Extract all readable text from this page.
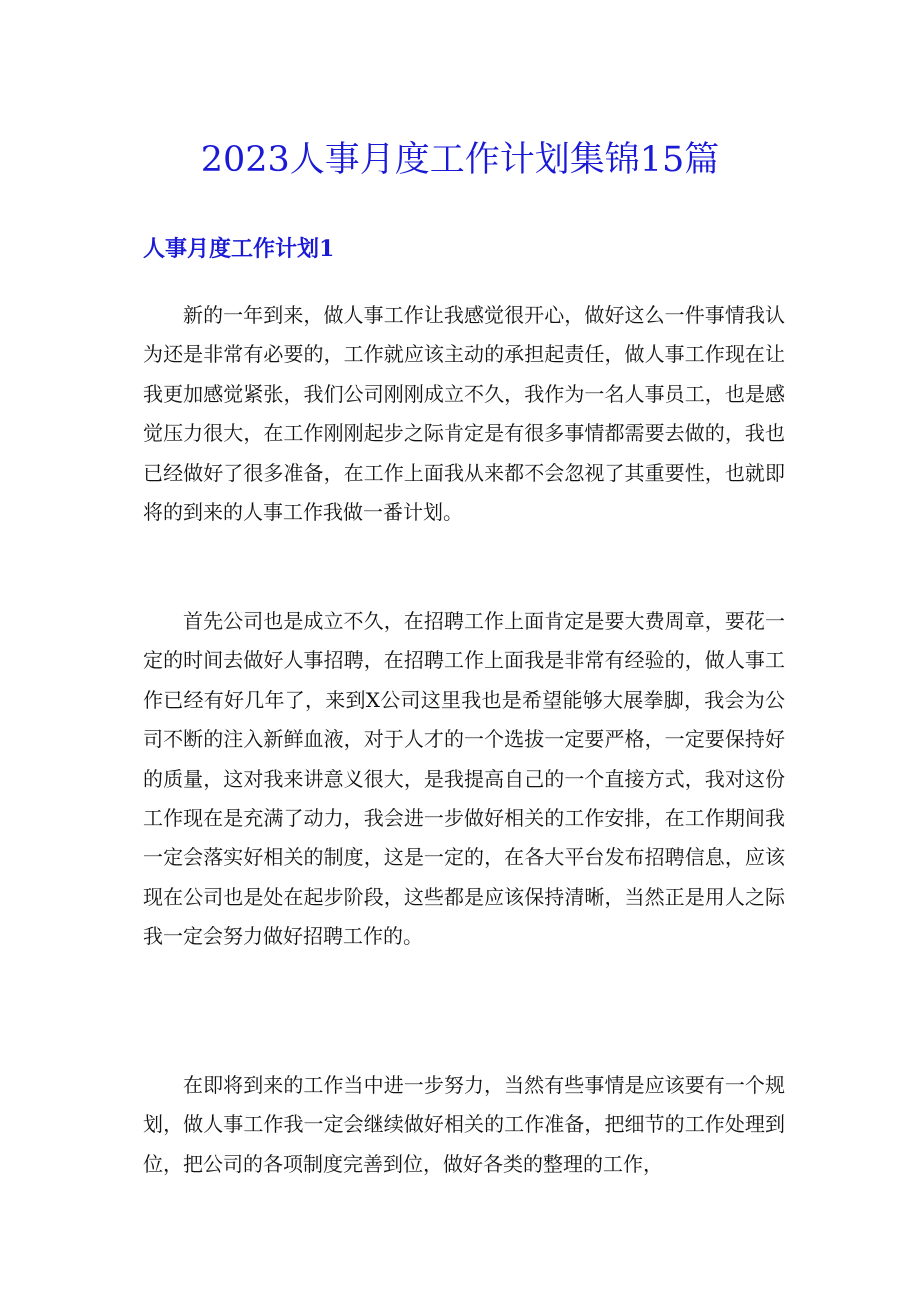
2023人事月度工作计划集锦15篇
人事月度工作计划1

新的一年到来，做人事工作让我感觉很开心，做好这么一件事情我认为还是非常有必要的，工作就应该主动的承担起责任，做人事工作现在让我更加感觉紧张，我们公司刚刚成立不久，我作为一名人事员工，也是感觉压力很大，在工作刚刚起步之际肯定是有很多事情都需要去做的，我也已经做好了很多准备，在工作上面我从来都不会忽视了其重要性，也就即将的到来的人事工作我做一番计划。

首先公司也是成立不久，在招聘工作上面肯定是要大费周章，要花一定的时间去做好人事招聘，在招聘工作上面我是非常有经验的，做人事工作已经有好几年了，来到X公司这里我也是希望能够大展拳脚，我会为公司不断的注入新鲜血液，对于人才的一个选拔一定要严格，一定要保持好的质量，这对我来讲意义很大，是我提高自己的一个直接方式，我对这份工作现在是充满了动力，我会进一步做好相关的工作安排，在工作期间我一定会落实好相关的制度，这是一定的，在各大平台发布招聘信息，应该现在公司也是处在起步阶段，这些都是应该保持清晰，当然正是用人之际我一定会努力做好招聘工作的。

在即将到来的工作当中进一步努力，当然有些事情是应该要有一个规划，做人事工作我一定会继续做好相关的工作准备，把细节的工作处理到位，把公司的各项制度完善到位，做好各类的整理的工作，
